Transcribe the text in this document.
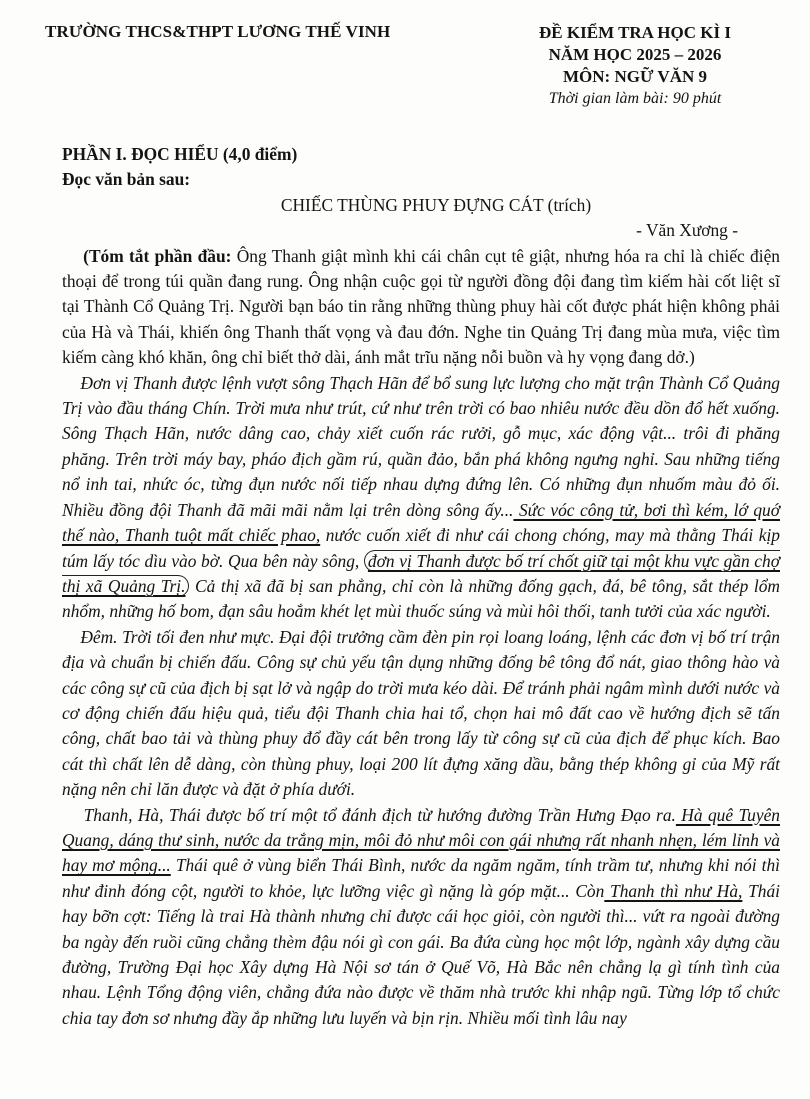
TRƯỜNG THCS&THPT LƯƠNG THẾ VINH	ĐỀ KIỂM TRA HỌC KÌ I
NĂM HỌC 2025 – 2026
MÔN: NGỮ VĂN 9
Thời gian làm bài: 90 phút

PHẦN I. ĐỌC HIỂU (4,0 điểm)

Đọc văn bản sau:

CHIẾC THÙNG PHUY ĐỰNG CÁT (trích)

- Văn Xương -

(Tóm tắt phần đầu: Ông Thanh giật mình khi cái chân cụt tê giật, nhưng hóa ra chỉ là chiếc điện thoại để trong túi quần đang rung. Ông nhận cuộc gọi từ người đồng đội đang tìm kiếm hài cốt liệt sĩ tại Thành Cổ Quảng Trị. Người bạn báo tin rằng những thùng phuy hài cốt được phát hiện không phải của Hà và Thái, khiến ông Thanh thất vọng và đau đớn. Nghe tin Quảng Trị đang mùa mưa, việc tìm kiếm càng khó khăn, ông chỉ biết thở dài, ánh mắt trĩu nặng nỗi buồn và hy vọng đang dở.)

Đơn vị Thanh được lệnh vượt sông Thạch Hãn để bổ sung lực lượng cho mặt trận Thành Cổ Quảng Trị vào đầu tháng Chín. Trời mưa như trút, cứ như trên trời có bao nhiêu nước đều dồn đổ hết xuống. Sông Thạch Hãn, nước dâng cao, chảy xiết cuốn rác rưởi, gỗ mục, xác động vật... trôi đi phăng phăng. Trên trời máy bay, pháo địch gầm rú, quần đảo, bắn phá không ngưng nghỉ. Sau những tiếng nổ inh tai, nhức óc, từng đụn nước nối tiếp nhau dựng đứng lên. Có những đụn nhuốm màu đỏ ối. Nhiều đồng đội Thanh đã mãi mãi nằm lại trên dòng sông ấy... Sức vóc công tử, bơi thì kém, lớ quớ thế nào, Thanh tuột mất chiếc phao, nước cuốn xiết đi như cái chong chóng, may mà thằng Thái kịp túm lấy tóc dìu vào bờ. Qua bên này sông, đơn vị Thanh được bố trí chốt giữ tại một khu vực gần chợ thị xã Quảng Trị. Cả thị xã đã bị san phẳng, chỉ còn là những đống gạch, đá, bê tông, sắt thép lổm nhổm, những hố bom, đạn sâu hoắm khét lẹt mùi thuốc súng và mùi hôi thối, tanh tưởi của xác người.

Đêm. Trời tối đen như mực. Đại đội trưởng cầm đèn pin rọi loang loáng, lệnh các đơn vị bố trí trận địa và chuẩn bị chiến đấu. Công sự chủ yếu tận dụng những đống bê tông đổ nát, giao thông hào và các công sự cũ của địch bị sạt lở và ngập do trời mưa kéo dài. Để tránh phải ngâm mình dưới nước và cơ động chiến đấu hiệu quả, tiểu đội Thanh chia hai tổ, chọn hai mô đất cao về hướng địch sẽ tấn công, chất bao tải và thùng phuy đổ đầy cát bên trong lấy từ công sự cũ của địch để phục kích. Bao cát thì chất lên dễ dàng, còn thùng phuy, loại 200 lít đựng xăng dầu, bằng thép không gỉ của Mỹ rất nặng nên chỉ lăn được và đặt ở phía dưới.

Thanh, Hà, Thái được bố trí một tổ đánh địch từ hướng đường Trần Hưng Đạo ra. Hà quê Tuyên Quang, dáng thư sinh, nước da trắng mịn, môi đỏ như môi con gái nhưng rất nhanh nhẹn, lém lỉnh và hay mơ mộng... Thái quê ở vùng biển Thái Bình, nước da ngăm ngăm, tính trầm tư, nhưng khi nói thì như đinh đóng cột, người to khỏe, lực lưỡng việc gì nặng là góp mặt... Còn Thanh thì như Hà, Thái hay bỡn cợt: Tiếng là trai Hà thành nhưng chỉ được cái học giỏi, còn người thì... vứt ra ngoài đường ba ngày đến ruồi cũng chẳng thèm đậu nói gì con gái. Ba đứa cùng học một lớp, ngành xây dựng cầu đường, Trường Đại học Xây dựng Hà Nội sơ tán ở Quế Võ, Hà Bắc nên chẳng lạ gì tính tình của nhau. Lệnh Tổng động viên, chẳng đứa nào được về thăm nhà trước khi nhập ngũ. Từng lớp tổ chức chia tay đơn sơ nhưng đầy ắp những lưu luyến và bịn rịn. Nhiều mối tình lâu nay
